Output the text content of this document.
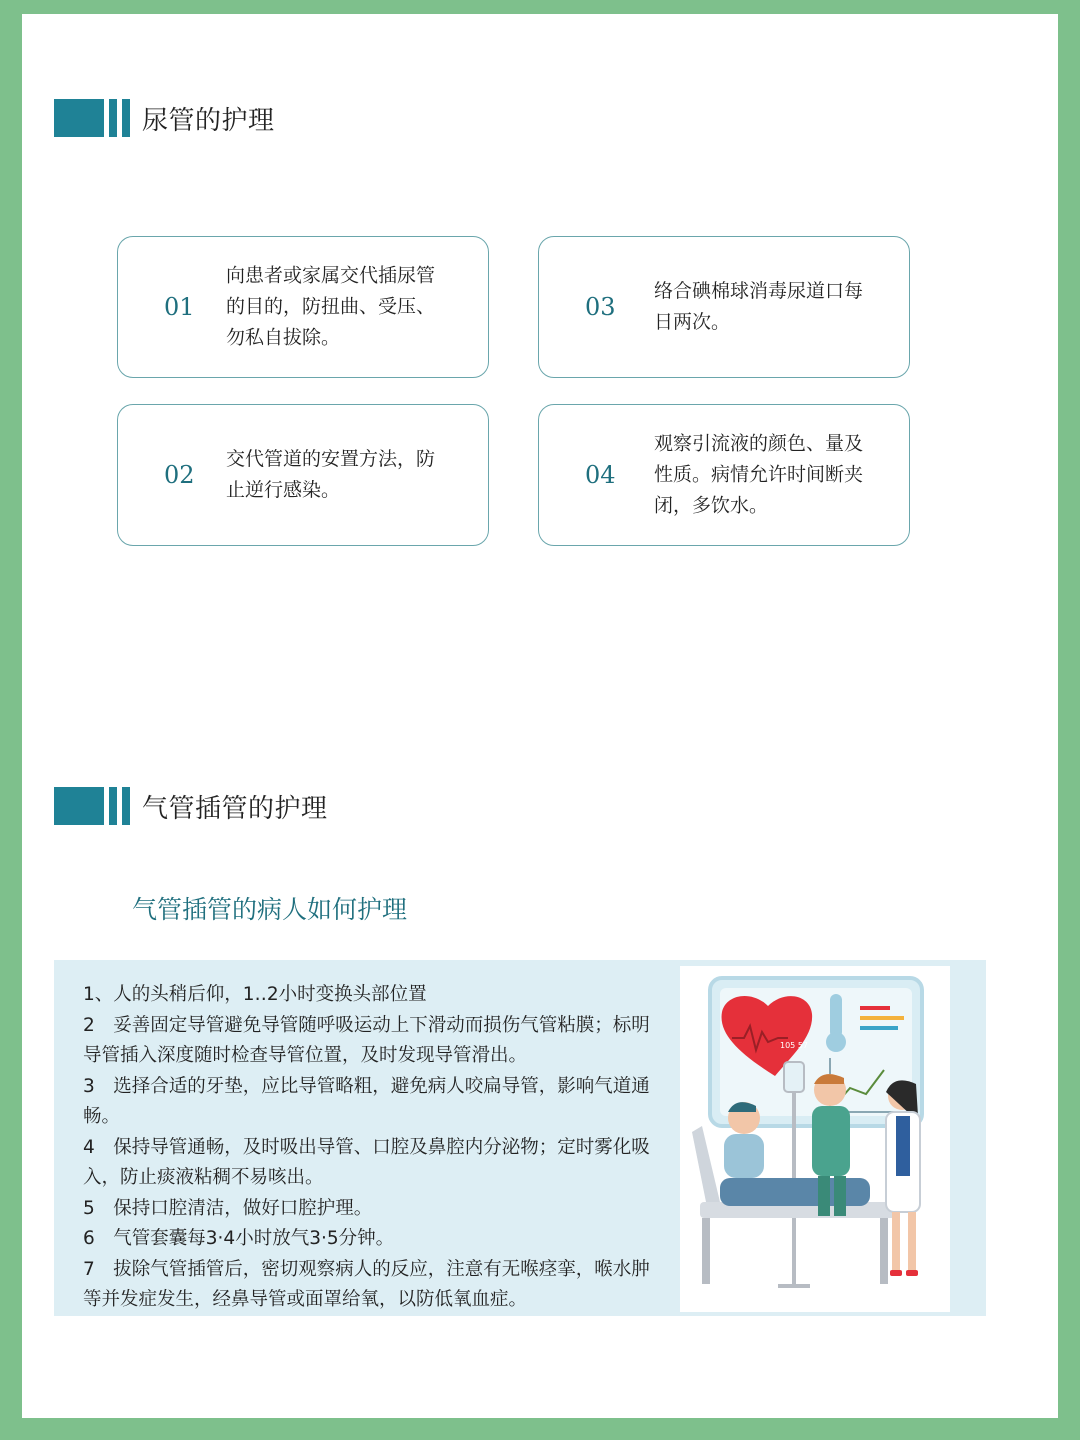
尿管的护理
01
向患者或家属交代插尿管的目的，防扭曲、受压、勿私自拔除。
02
交代管道的安置方法，防止逆行感染。
03
络合碘棉球消毒尿道口每日两次。
04
观察引流液的颜色、量及性质。病情允许时间断夹闭，多饮水。
气管插管的护理
气管插管的病人如何护理
1、人的头稍后仰，1‥2小时变换头部位置
2　妥善固定导管避免导管随呼吸运动上下滑动而损伤气管粘膜；标明导管插入深度随时检查导管位置，及时发现导管滑出。
3　选择合适的牙垫，应比导管略粗，避免病人咬扁导管，影响气道通畅。
4　保持导管通畅，及时吸出导管、口腔及鼻腔内分泌物；定时雾化吸入，防止痰液粘稠不易咳出。
5　保持口腔清洁，做好口腔护理。
6　气管套囊每3·4小时放气3·5分钟。
7　拔除气管插管后，密切观察病人的反应，注意有无喉痉挛，喉水肿等并发症发生，经鼻导管或面罩给氧，以防低氧血症。
105 57
